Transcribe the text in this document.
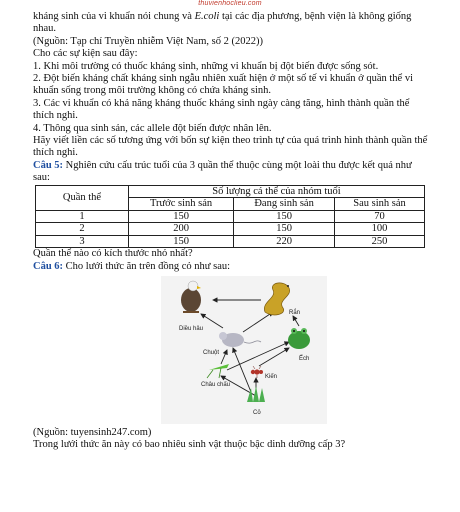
thuvienhoclieu.com

kháng sinh của vi khuẩn nói chung và E.coli tại các địa phương, bệnh viện là không giống nhau.

(Nguồn: Tạp chí Truyền nhiễm Việt Nam, số 2 (2022))

Cho các sự kiện sau đây:

1. Khi môi trường có thuốc kháng sinh, những vi khuẩn bị đột biến được sống sót.

2. Đột biến kháng chất kháng sinh ngẫu nhiên xuất hiện ở một số tế vi khuẩn ở quần thể vi khuẩn sống trong môi trường không có chứa kháng sinh.

3. Các vi khuẩn có khả năng kháng thuốc kháng sinh ngày càng tăng, hình thành quần thể thích nghi.

4. Thông qua sinh sản, các allele đột biến được nhân lên.

Hãy viết liền các số tương ứng với bốn sự kiện theo trình tự của quá trình hình thành quần thể thích nghi.

Câu 5: Nghiên cứu cấu trúc tuổi của 3 quần thể thuộc cùng một loài thu được kết quả như sau:

Quần thể	Số lượng cá thể của nhóm tuổi		
	Trước sinh sản	Đang sinh sản	Sau sinh sản
1	150	150	70
2	200	150	100
3	150	220	250

Quần thể nào có kích thước nhỏ nhất?

Câu 6: Cho lưới thức ăn trên đồng cỏ như sau:

Diều hâu
Rắn
Chuột
Ếch
Châu chấu
Kiến
Cỏ

(Nguồn: tuyensinh247.com)

Trong lưới thức ăn này có bao nhiêu sinh vật thuộc bậc dinh dưỡng cấp 3?
